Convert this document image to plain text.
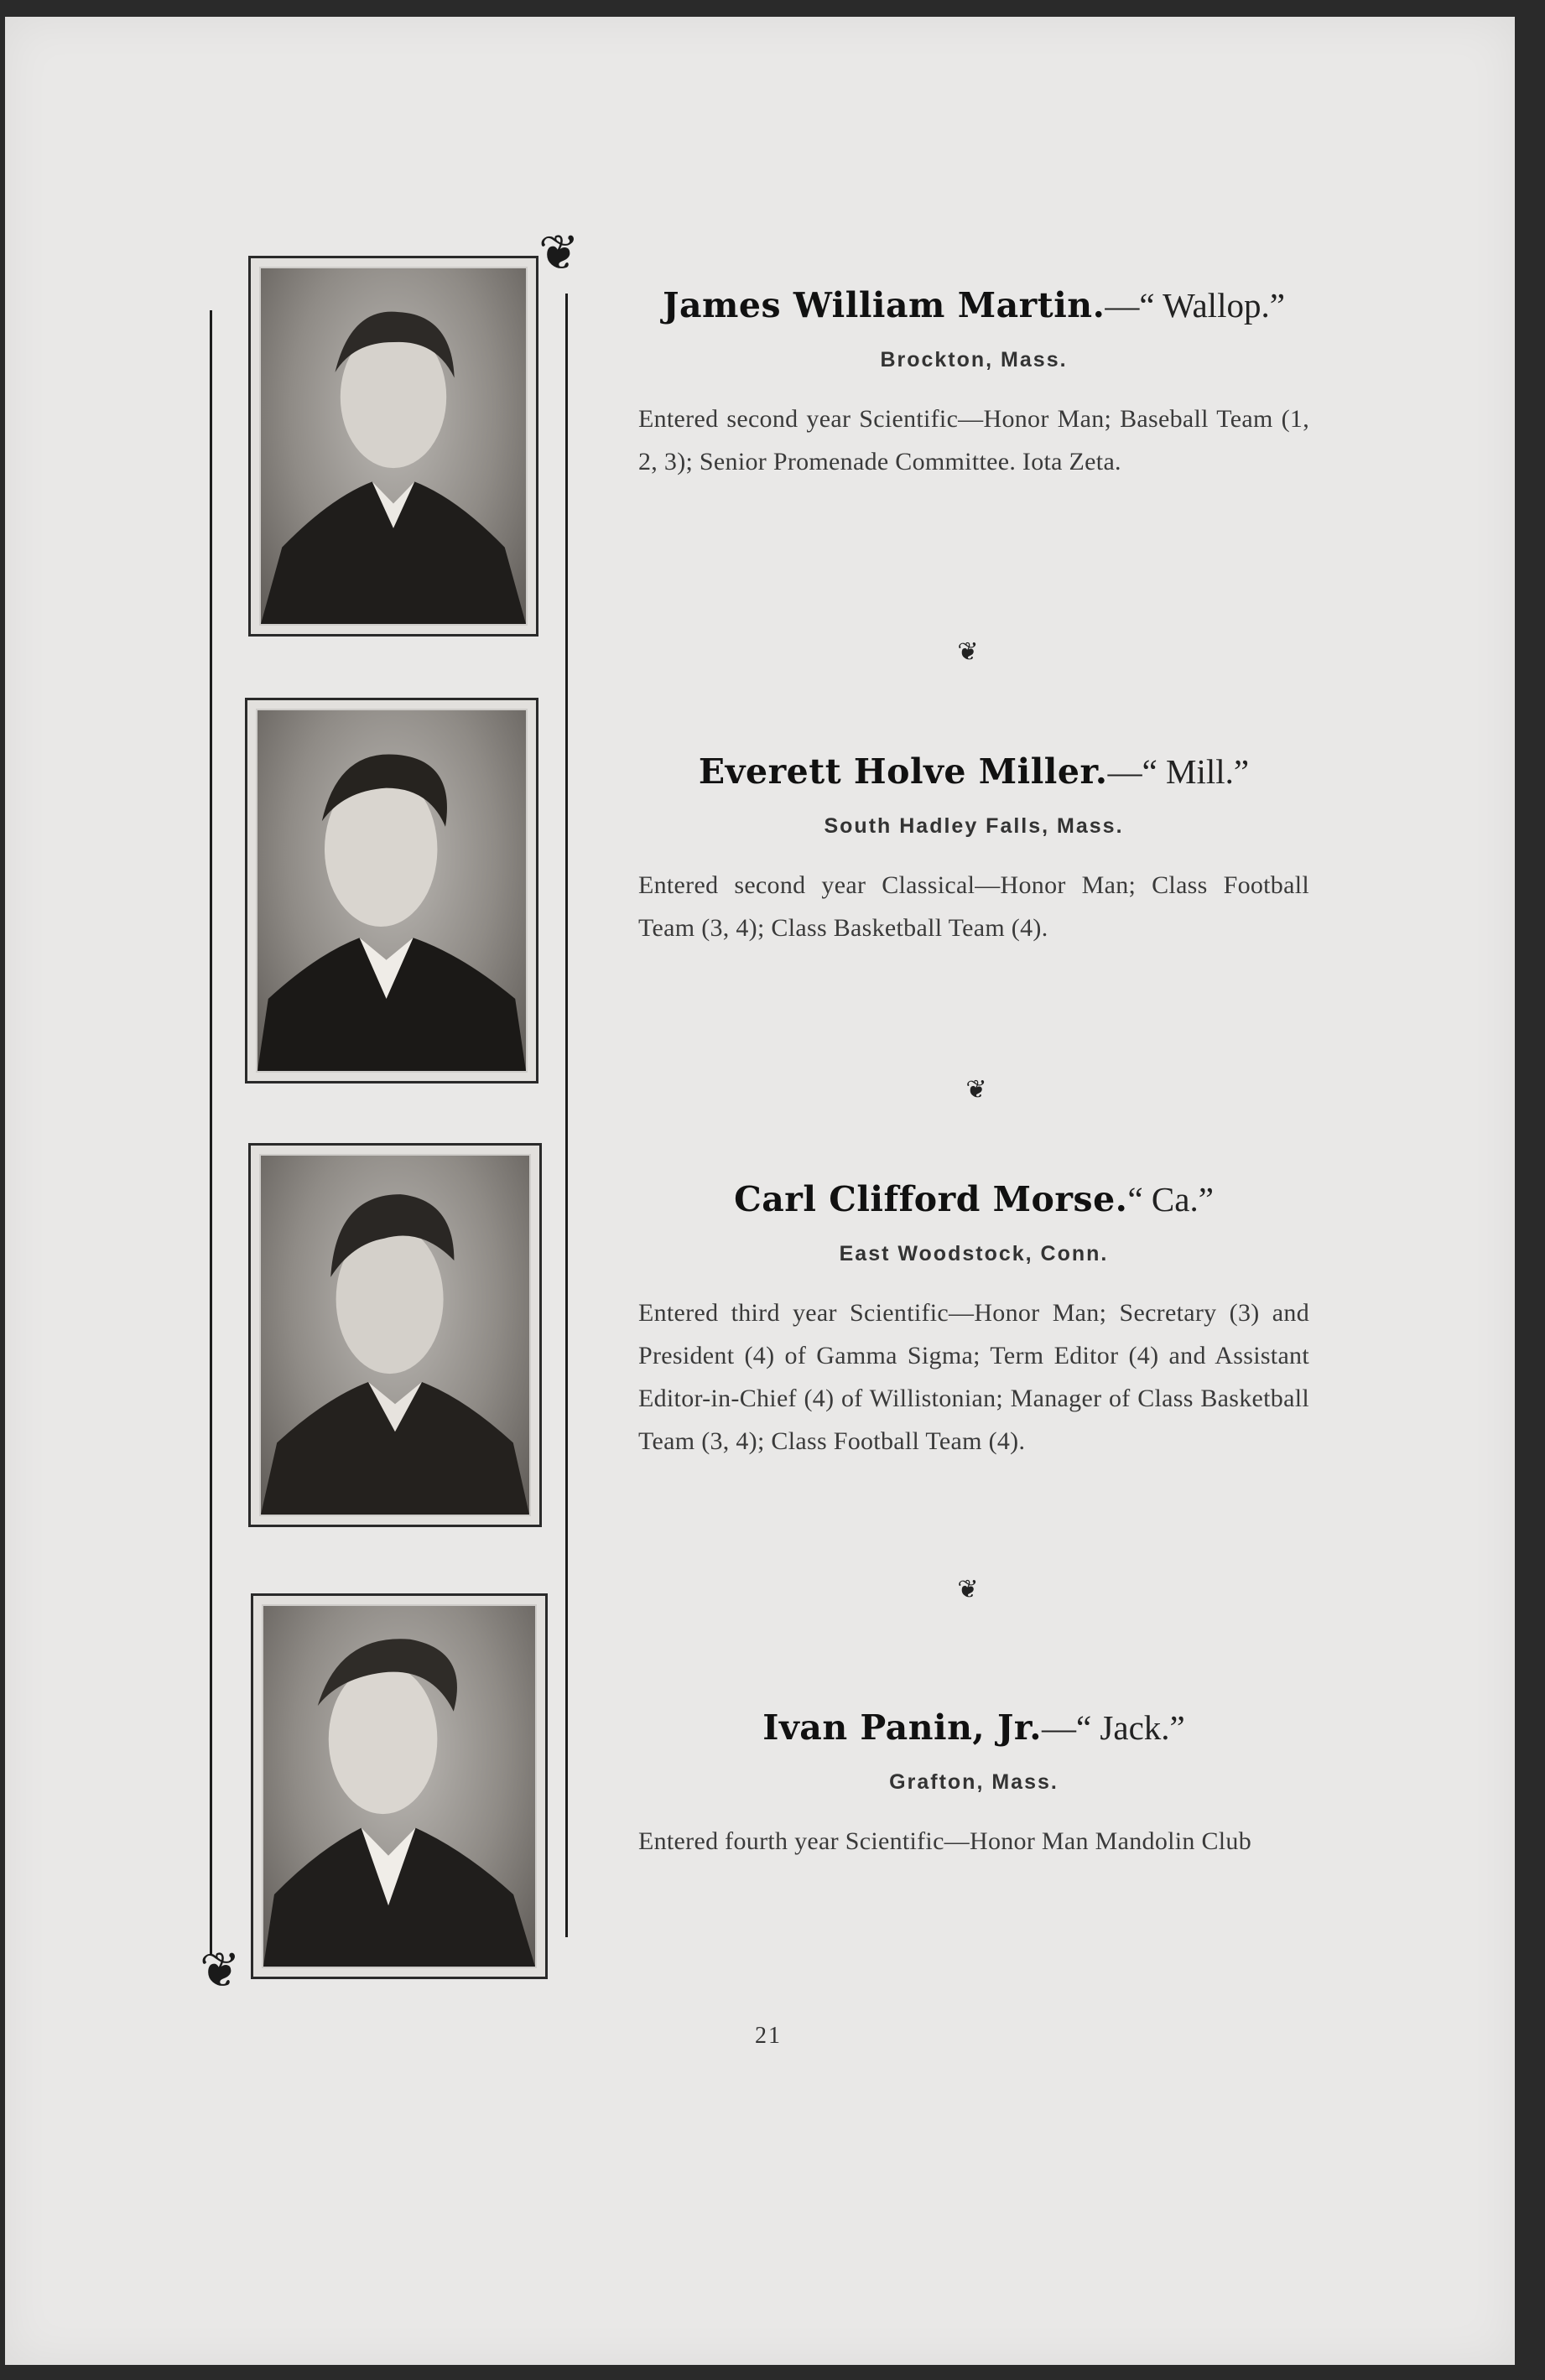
❦
❦
James William Martin.—“ Wallop.”
Brockton, Mass.
Entered second year Scientific—Honor Man; Baseball Team (1, 2, 3); Senior Promenade Committee. Iota Zeta.
❦
Everett Holve Miller.—“ Mill.”
South Hadley Falls, Mass.
Entered second year Classical—Honor Man; Class Football Team (3, 4); Class Basketball Team (4).
❦
Carl Clifford Morse.“ Ca.”
East Woodstock, Conn.
Entered third year Scientific—Honor Man; Secretary (3) and President (4) of Gamma Sigma; Term Editor (4) and Assistant Editor-in-Chief (4) of Willistonian; Manager of Class Basketball Team (3, 4); Class Football Team (4).
❦
Ivan Panin, Jr.—“ Jack.”
Grafton, Mass.
Entered fourth year Scientific—Honor Man Mandolin Club
21
